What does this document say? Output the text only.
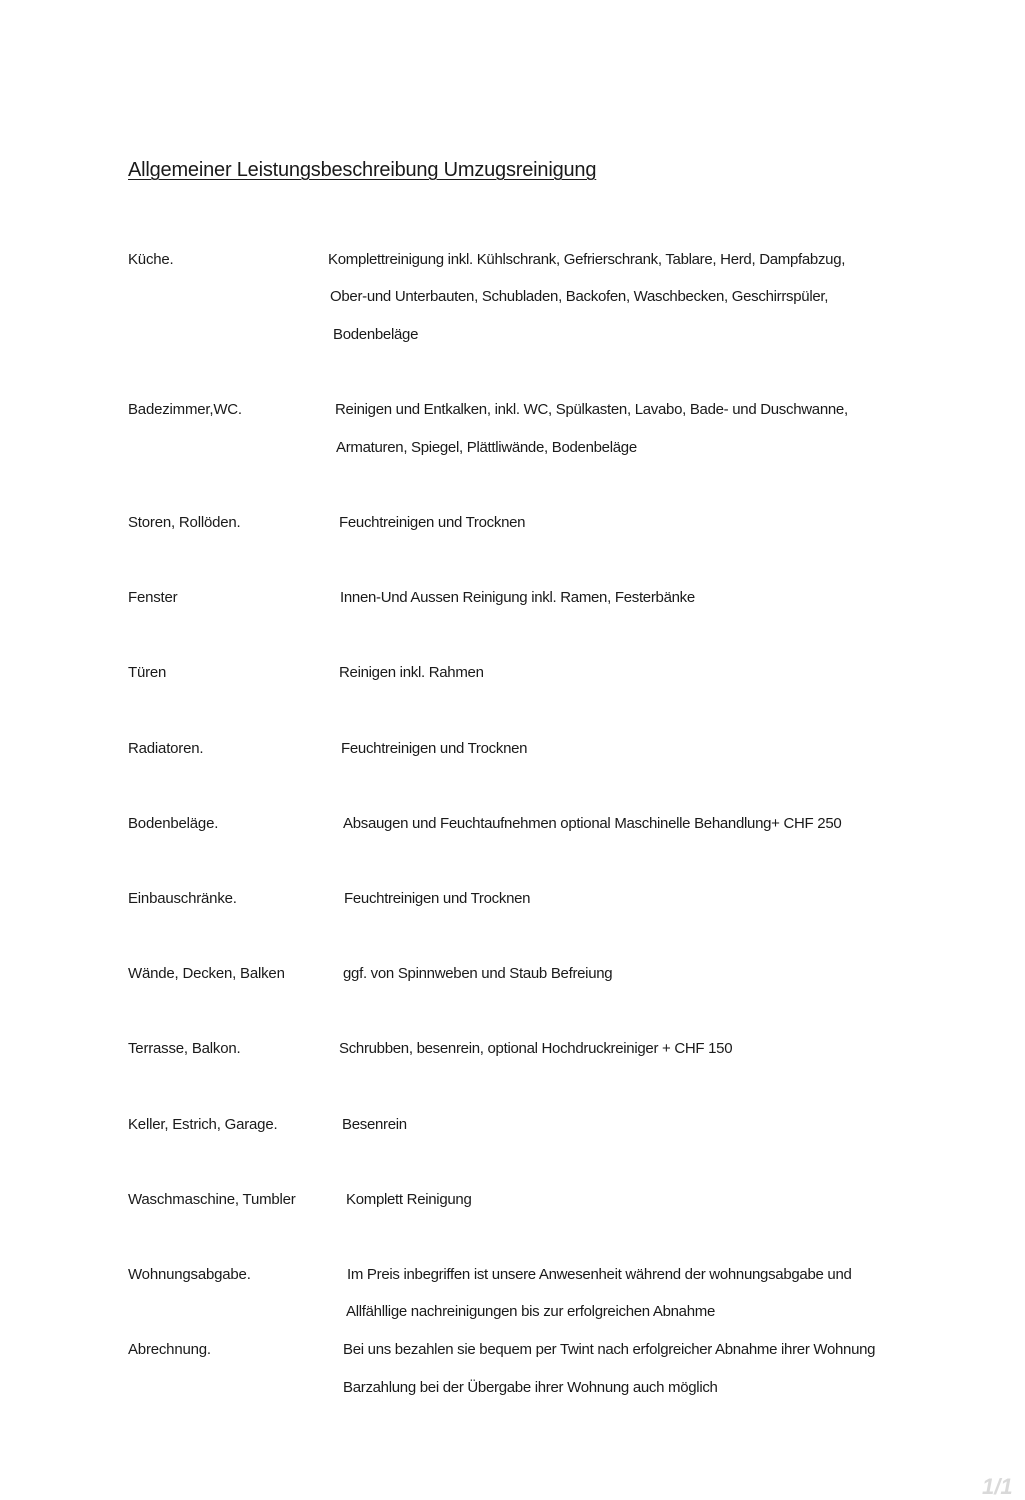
Allgemeiner Leistungsbeschreibung Umzugsreinigung
Küche.	Komplettreinigung inkl. Kühlschrank, Gefrierschrank, Tablare, Herd, Dampfabzug,
Ober-und Unterbauten, Schubladen, Backofen, Waschbecken, Geschirrspüler,
Bodenbeläge
Badezimmer,WC.	Reinigen und Entkalken, inkl. WC, Spülkasten, Lavabo, Bade- und Duschwanne,
Armaturen, Spiegel, Plättliwände, Bodenbeläge
Storen, Rollöden.	Feuchtreinigen und Trocknen
Fenster	Innen-Und Aussen Reinigung inkl. Ramen, Festerbänke
Türen	Reinigen inkl. Rahmen
Radiatoren.	Feuchtreinigen und Trocknen
Bodenbeläge.	Absaugen und Feuchtaufnehmen optional Maschinelle Behandlung+ CHF 250
Einbauschränke.	Feuchtreinigen und Trocknen
Wände, Decken, Balken	ggf. von Spinnweben und Staub Befreiung
Terrasse, Balkon.	Schrubben, besenrein, optional Hochdruckreiniger + CHF 150
Keller, Estrich, Garage.	Besenrein
Waschmaschine, Tumbler	Komplett Reinigung
Wohnungsabgabe.	Im Preis inbegriffen ist unsere Anwesenheit während der wohnungsabgabe und
Allfähllige nachreinigungen bis zur erfolgreichen Abnahme
Abrechnung.	Bei uns bezahlen sie bequem per Twint nach erfolgreicher Abnahme ihrer Wohnung
Barzahlung bei der Übergabe ihrer Wohnung auch möglich
1/1
